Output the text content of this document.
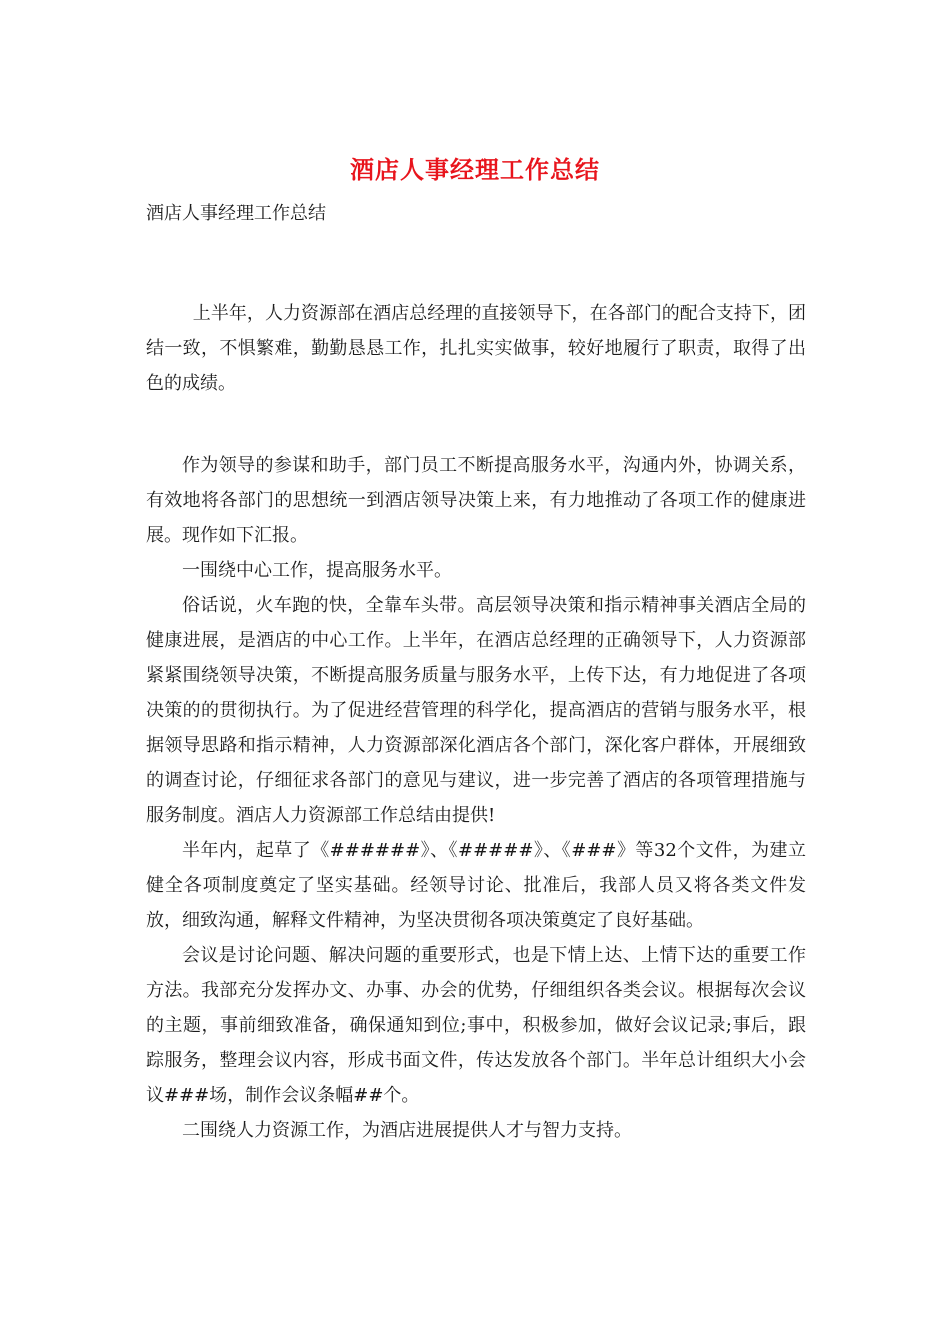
酒店人事经理工作总结
酒店人事经理工作总结

上半年，人力资源部在酒店总经理的直接领导下，在各部门的配合支持下，团结一致，不惧繁难，勤勤恳恳工作，扎扎实实做事，较好地履行了职责，取得了出色的成绩。

作为领导的参谋和助手，部门员工不断提高服务水平，沟通内外，协调关系，有效地将各部门的思想统一到酒店领导决策上来，有力地推动了各项工作的健康进展。现作如下汇报。

一围绕中心工作，提高服务水平。

俗话说，火车跑的快，全靠车头带。高层领导决策和指示精神事关酒店全局的健康进展，是酒店的中心工作。上半年，在酒店总经理的正确领导下，人力资源部紧紧围绕领导决策，不断提高服务质量与服务水平，上传下达，有力地促进了各项决策的的贯彻执行。为了促进经营管理的科学化，提高酒店的营销与服务水平，根据领导思路和指示精神，人力资源部深化酒店各个部门，深化客户群体，开展细致的调查讨论，仔细征求各部门的意见与建议，进一步完善了酒店的各项管理措施与服务制度。酒店人力资源部工作总结由提供!

半年内，起草了《######》、《#####》、《###》等32个文件，为建立健全各项制度奠定了坚实基础。经领导讨论、批准后，我部人员又将各类文件发放，细致沟通，解释文件精神，为坚决贯彻各项决策奠定了良好基础。

会议是讨论问题、解决问题的重要形式，也是下情上达、上情下达的重要工作方法。我部充分发挥办文、办事、办会的优势，仔细组织各类会议。根据每次会议的主题，事前细致准备，确保通知到位;事中，积极参加，做好会议记录;事后，跟踪服务，整理会议内容，形成书面文件，传达发放各个部门。半年总计组织大小会议###场，制作会议条幅##个。

二围绕人力资源工作，为酒店进展提供人才与智力支持。
